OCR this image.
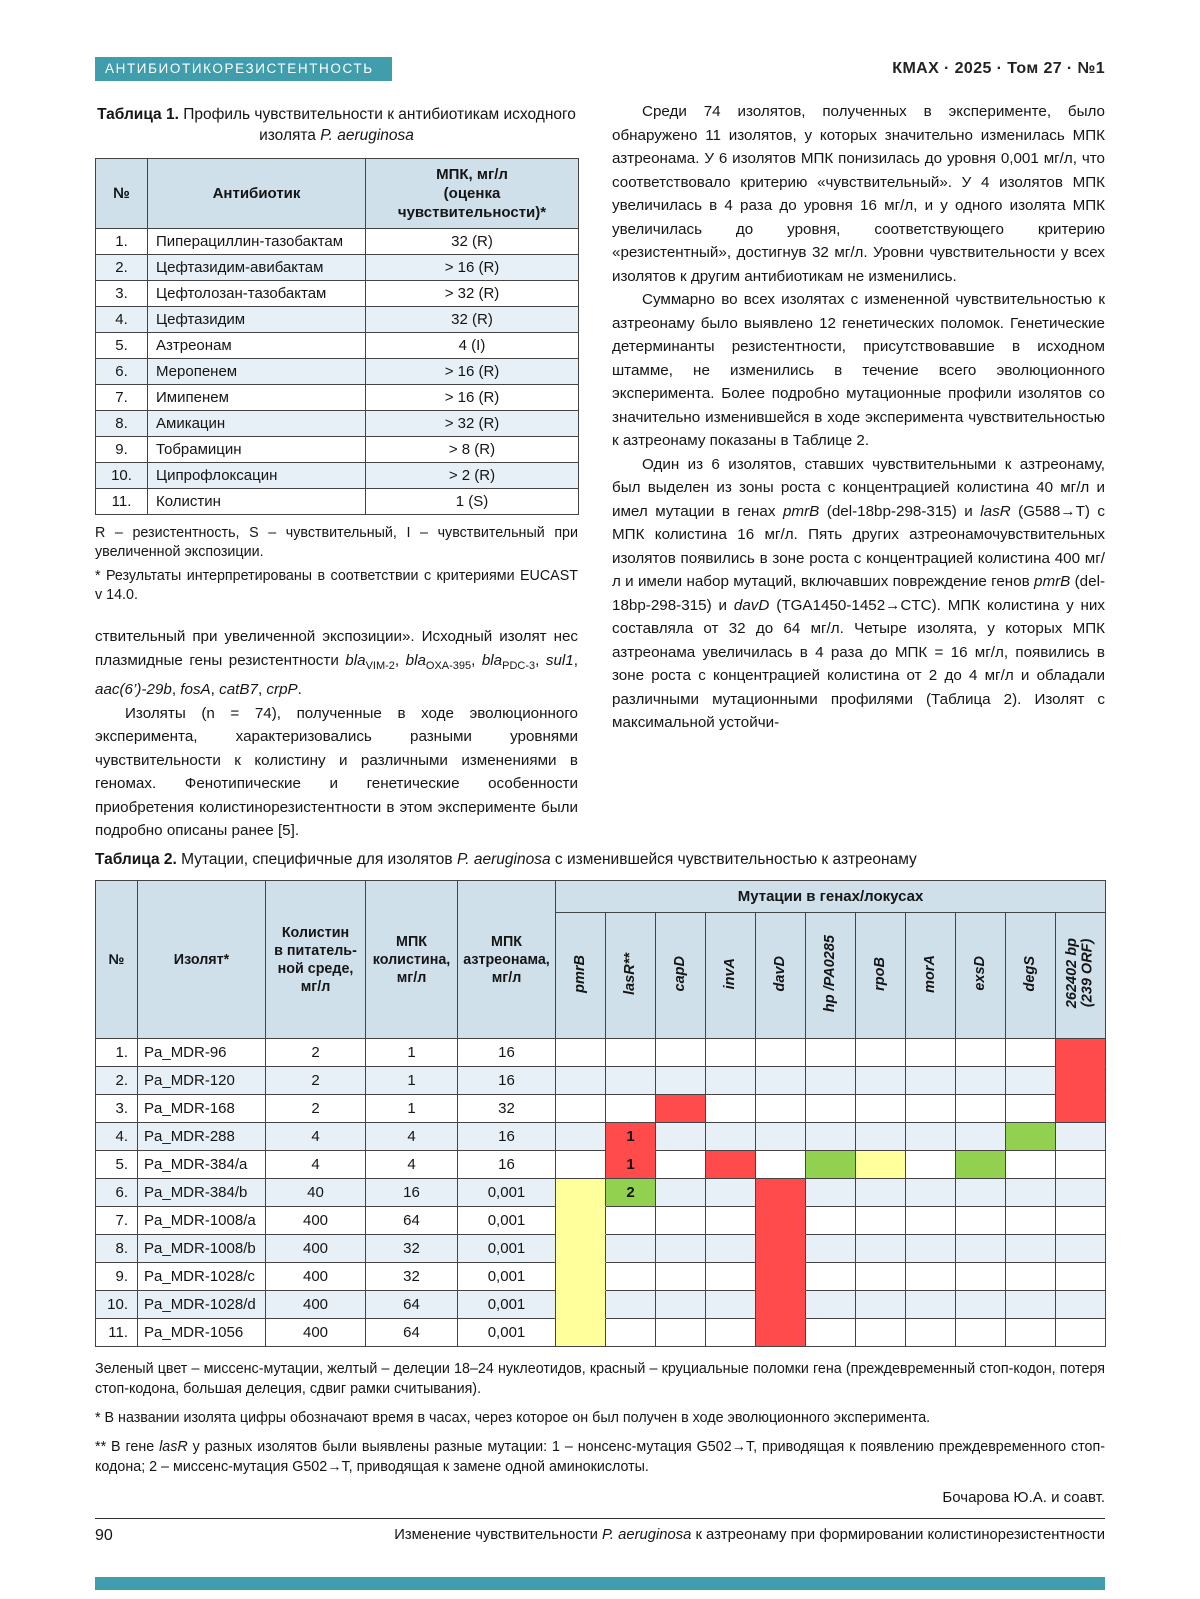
АНТИБИОТИКОРЕЗИСТЕНТНОСТЬ	КМАХ · 2025 · Том 27 · №1
Таблица 1. Профиль чувствительности к антибиотикам исходного изолята P. aeruginosa
№	Антибиотик	МПК, мг/л
(оценка чувствительности)*
1.	Пиперациллин-тазобактам	32 (R)
2.	Цефтазидим-авибактам	> 16 (R)
3.	Цефтолозан-тазобактам	> 32 (R)
4.	Цефтазидим	32 (R)
5.	Азтреонам	4 (I)
6.	Меропенем	> 16 (R)
7.	Имипенем	> 16 (R)
8.	Амикацин	> 32 (R)
9.	Тобрамицин	> 8 (R)
10.	Ципрофлоксацин	> 2 (R)
11.	Колистин	1 (S)

R – резистентность, S – чувствительный, I – чувствительный при увеличенной экспозиции.

* Результаты интерпретированы в соответствии с критериями EUCAST v 14.0.

ствительный при увеличенной экспозиции». Исходный изолят нес плазмидные гены резистентности bla$_{VIM-2}$, bla$_{OXA-395}$, bla$_{PDC-3}$, sul1, aac(6’)-29b, fosA, catB7, crpP.

Изоляты (n = 74), полученные в ходе эволюционного эксперимента, характеризовались разными уровнями чувствительности к колистину и различными изменениями в геномах. Фенотипические и генетические особенности приобретения колистинорезистентности в этом эксперименте были подробно описаны ранее [5].

Среди 74 изолятов, полученных в эксперименте, было обнаружено 11 изолятов, у которых значительно изменилась МПК азтреонама. У 6 изолятов МПК понизилась до уровня 0,001 мг/л, что соответствовало критерию «чувствительный». У 4 изолятов МПК увеличилась в 4 раза до уровня 16 мг/л, и у одного изолята МПК увеличилась до уровня, соответствующего критерию «резистентный», достигнув 32 мг/л. Уровни чувствительности у всех изолятов к другим антибиотикам не изменились.

Суммарно во всех изолятах с измененной чувствительностью к азтреонаму было выявлено 12 генетических поломок. Генетические детерминанты резистентности, присутствовавшие в исходном штамме, не изменились в течение всего эволюционного эксперимента. Более подробно мутационные профили изолятов со значительно изменившейся в ходе эксперимента чувствительностью к азтреонаму показаны в Таблице 2.

Один из 6 изолятов, ставших чувствительными к азтреонаму, был выделен из зоны роста с концентрацией колистина 40 мг/л и имел мутации в генах pmrB (del-18bp-298-315) и lasR (G588→T) с МПК колистина 16 мг/л. Пять других азтреонамочувствительных изолятов появились в зоне роста с концентрацией колистина 400 мг/л и имели набор мутаций, включавших повреждение генов pmrB (del-18bp-298-315) и davD (TGA1450-1452→CTC). МПК колистина у них составляла от 32 до 64 мг/л. Четыре изолята, у которых МПК азтреонама увеличилась в 4 раза до МПК = 16 мг/л, появились в зоне роста с концентрацией колистина от 2 до 4 мг/л и обладали различными мутационными профилями (Таблица 2). Изолят с максимальной устойчи-

Таблица 2. Мутации, специфичные для изолятов P. aeruginosa с изменившейся чувствительностью к азтреонаму
№	Изолят*	Колистин
в питатель-
ной среде,
мг/л	МПК
колистина,
мг/л	МПК
азтреонама,
мг/л	Мутации в генах/локусах										
					pmrB	lasR**	capD	invA	davD	hp /PA0285	rpoB	morA	exsD	degS	262402 bp
(239 ORF)
1.	Pa_MDR-96	2	1	16											
2.	Pa_MDR-120	2	1	16											
3.	Pa_MDR-168	2	1	32											
4.	Pa_MDR-288	4	4	16		1									
5.	Pa_MDR-384/a	4	4	16		1									
6.	Pa_MDR-384/b	40	16	0,001		2									
7.	Pa_MDR-1008/a	400	64	0,001											
8.	Pa_MDR-1008/b	400	32	0,001											
9.	Pa_MDR-1028/c	400	32	0,001											
10.	Pa_MDR-1028/d	400	64	0,001											
11.	Pa_MDR-1056	400	64	0,001											

Зеленый цвет – миссенс-мутации, желтый – делеции 18–24 нуклеотидов, красный – круциальные поломки гена (преждевременный стоп-кодон, потеря стоп-кодона, большая делеция, сдвиг рамки считывания).

* В названии изолята цифры обозначают время в часах, через которое он был получен в ходе эволюционного эксперимента.

** В гене lasR у разных изолятов были выявлены разные мутации: 1 – нонсенс-мутация G502→T, приводящая к появлению преждевременного стоп-кодона; 2 – миссенс-мутация G502→T, приводящая к замене одной аминокислоты.

Бочарова Ю.А. и соавт.
90	Изменение чувствительности P. aeruginosa к азтреонаму при формировании колистинорезистентности
